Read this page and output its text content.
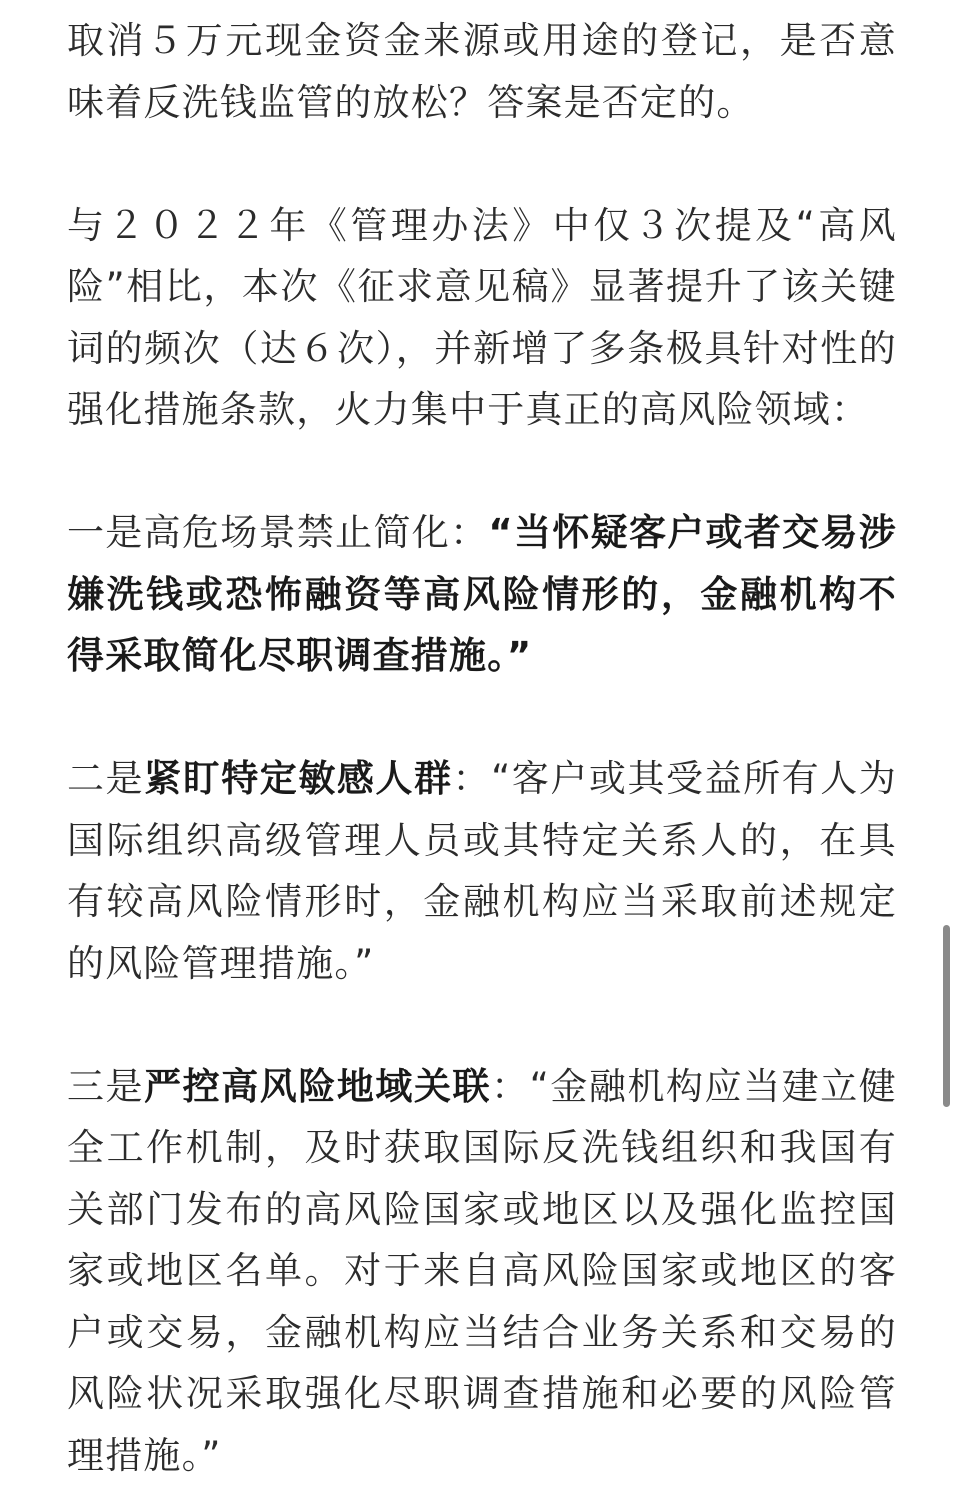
取消５万元现金资金来源或用途的登记，是否意味着反洗钱监管的放松？答案是否定的。

与２０２２年《管理办法》中仅３次提及“高风险”相比，本次《征求意见稿》显著提升了该关键词的频次（达６次），并新增了多条极具针对性的强化措施条款，火力集中于真正的高风险领域：

一是高危场景禁止简化：“当怀疑客户或者交易涉嫌洗钱或恐怖融资等高风险情形的，金融机构不得采取简化尽职调查措施。”

二是紧盯特定敏感人群：“客户或其受益所有人为国际组织高级管理人员或其特定关系人的，在具有较高风险情形时，金融机构应当采取前述规定的风险管理措施。”

三是严控高风险地域关联：“金融机构应当建立健全工作机制，及时获取国际反洗钱组织和我国有关部门发布的高风险国家或地区以及强化监控国家或地区名单。对于来自高风险国家或地区的客户或交易，金融机构应当结合业务关系和交易的风险状况采取强化尽职调查措施和必要的风险管理措施。”
